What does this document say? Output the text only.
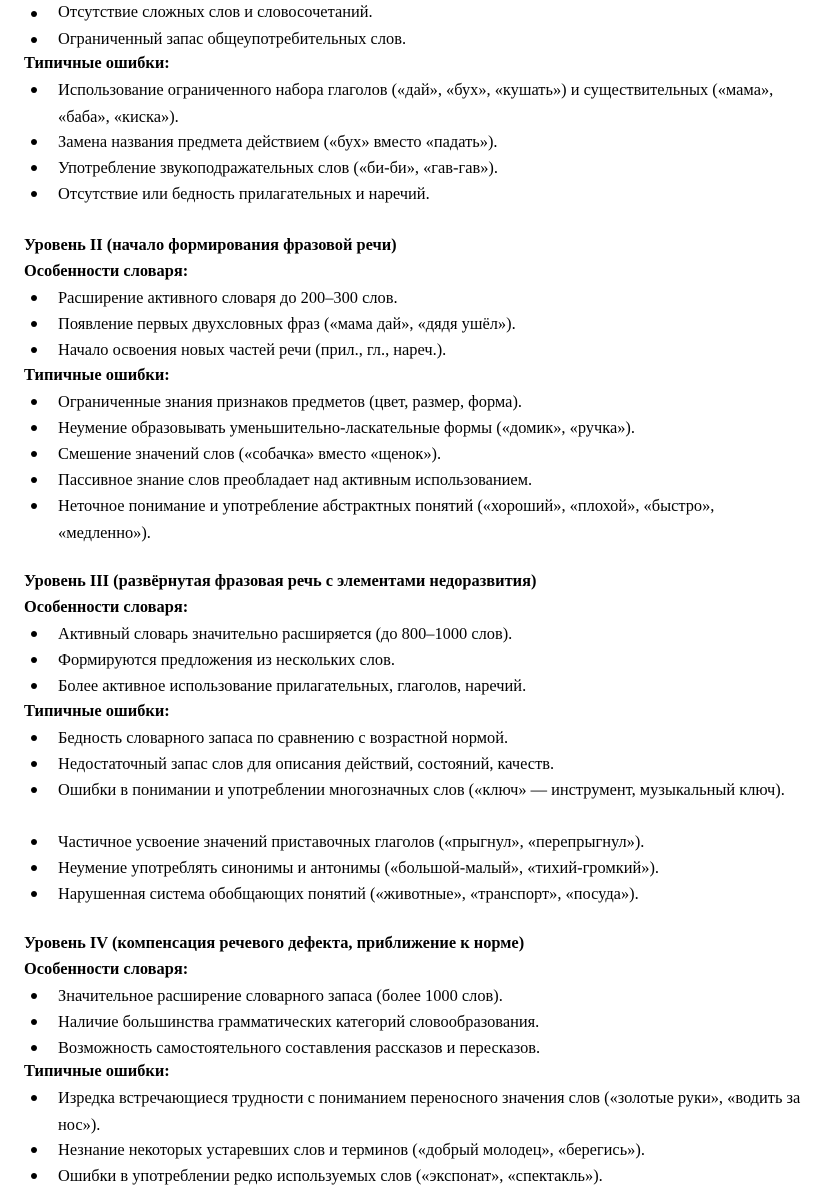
Отсутствие сложных слов и словосочетаний.
Ограниченный запас общеупотребительных слов.
Типичные ошибки:
Использование ограниченного набора глаголов («дай», «бух», «кушать») и существительных («мама», «баба», «киска»).
Замена названия предмета действием («бух» вместо «падать»).
Употребление звукоподражательных слов («би-би», «гав-гав»).
Отсутствие или бедность прилагательных и наречий.
Уровень II (начало формирования фразовой речи)
Особенности словаря:
Расширение активного словаря до 200–300 слов.
Появление первых двухсловных фраз («мама дай», «дядя ушёл»).
Начало освоения новых частей речи (прил., гл., нареч.).
Типичные ошибки:
Ограниченные знания признаков предметов (цвет, размер, форма).
Неумение образовывать уменьшительно-ласкательные формы («домик», «ручка»).
Смешение значений слов («собачка» вместо «щенок»).
Пассивное знание слов преобладает над активным использованием.
Неточное понимание и употребление абстрактных понятий («хороший», «плохой», «быстро», «медленно»).
Уровень III (развёрнутая фразовая речь с элементами недоразвития)
Особенности словаря:
Активный словарь значительно расширяется (до 800–1000 слов).
Формируются предложения из нескольких слов.
Более активное использование прилагательных, глаголов, наречий.
Типичные ошибки:
Бедность словарного запаса по сравнению с возрастной нормой.
Недостаточный запас слов для описания действий, состояний, качеств.
Ошибки в понимании и употреблении многозначных слов («ключ» — инструмент, музыкальный ключ).
Частичное усвоение значений приставочных глаголов («прыгнул», «перепрыгнул»).
Неумение употреблять синонимы и антонимы («большой-малый», «тихий-громкий»).
Нарушенная система обобщающих понятий («животные», «транспорт», «посуда»).
Уровень IV (компенсация речевого дефекта, приближение к норме)
Особенности словаря:
Значительное расширение словарного запаса (более 1000 слов).
Наличие большинства грамматических категорий словообразования.
Возможность самостоятельного составления рассказов и пересказов.
Типичные ошибки:
Изредка встречающиеся трудности с пониманием переносного значения слов («золотые руки», «водить за нос»).
Незнание некоторых устаревших слов и терминов («добрый молодец», «берегись»).
Ошибки в употреблении редко используемых слов («экспонат», «спектакль»).
